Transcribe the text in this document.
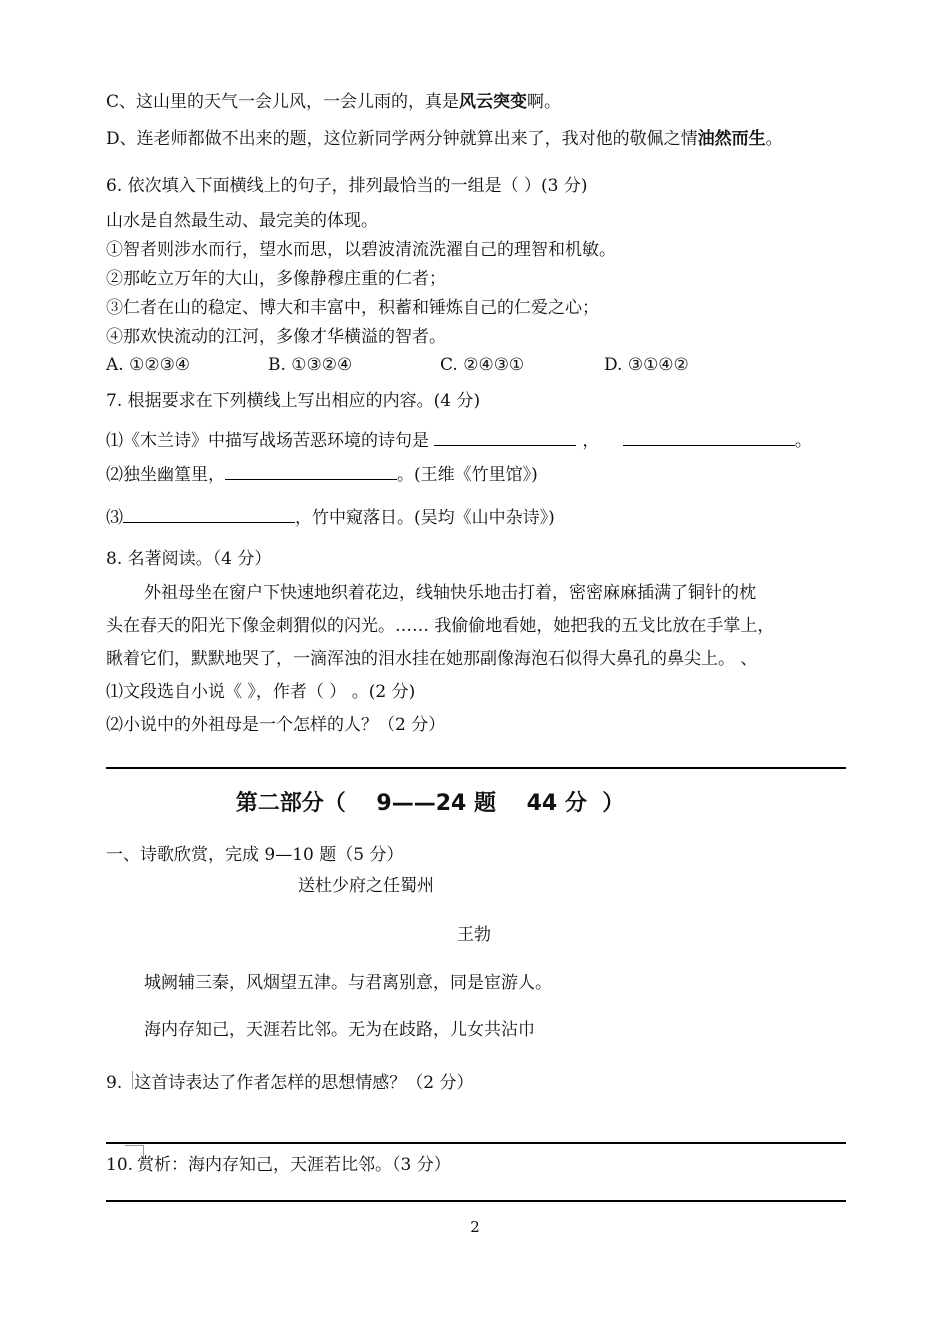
C、这山里的天气一会儿风，一会儿雨的，真是风云突变啊。
D、连老师都做不出来的题，这位新同学两分钟就算出来了，我对他的敬佩之情油然而生。
6. 依次填入下面横线上的句子，排列最恰当的一组是（ ）(3 分)
山水是自然最生动、最完美的体现。
①智者则涉水而行，望水而思，以碧波清流洗濯自己的理智和机敏。
②那屹立万年的大山，多像静穆庄重的仁者；
③仁者在山的稳定、博大和丰富中，积蓄和锤炼自己的仁爱之心；
④那欢快流动的江河，多像才华横溢的智者。
A. ①②③④	B. ①③②④	C. ②④③①	D. ③①④②
7. 根据要求在下列横线上写出相应的内容。(4 分)
⑴《木兰诗》中描写战场苦恶环境的诗句是	，	。
⑵独坐幽篁里，	。(王维《竹里馆》)
⑶	，竹中窥落日。(吴均《山中杂诗》)
8. 名著阅读。（4 分）
外祖母坐在窗户下快速地织着花边，线轴快乐地击打着，密密麻麻插满了铜针的枕
头在春天的阳光下像金刺猬似的闪光。…… 我偷偷地看她，她把我的五戈比放在手掌上，
瞅着它们，默默地哭了，一滴浑浊的泪水挂在她那副像海泡石似得大鼻孔的鼻尖上。 、
⑴文段选自小说《 》，作者（ ） 。(2 分)
⑵小说中的外祖母是一个怎样的人？（2 分）
第二部分（    9——24 题    44 分  ）
一、诗歌欣赏，完成 9—10 题（5 分）
送杜少府之任蜀州
王勃
城阙辅三秦，风烟望五津。与君离别意，同是宦游人。
海内存知己，天涯若比邻。无为在歧路，儿女共沾巾
9. 这首诗表达了作者怎样的思想情感？（2 分）
10. 赏析：海内存知己，天涯若比邻。（3 分）
2
